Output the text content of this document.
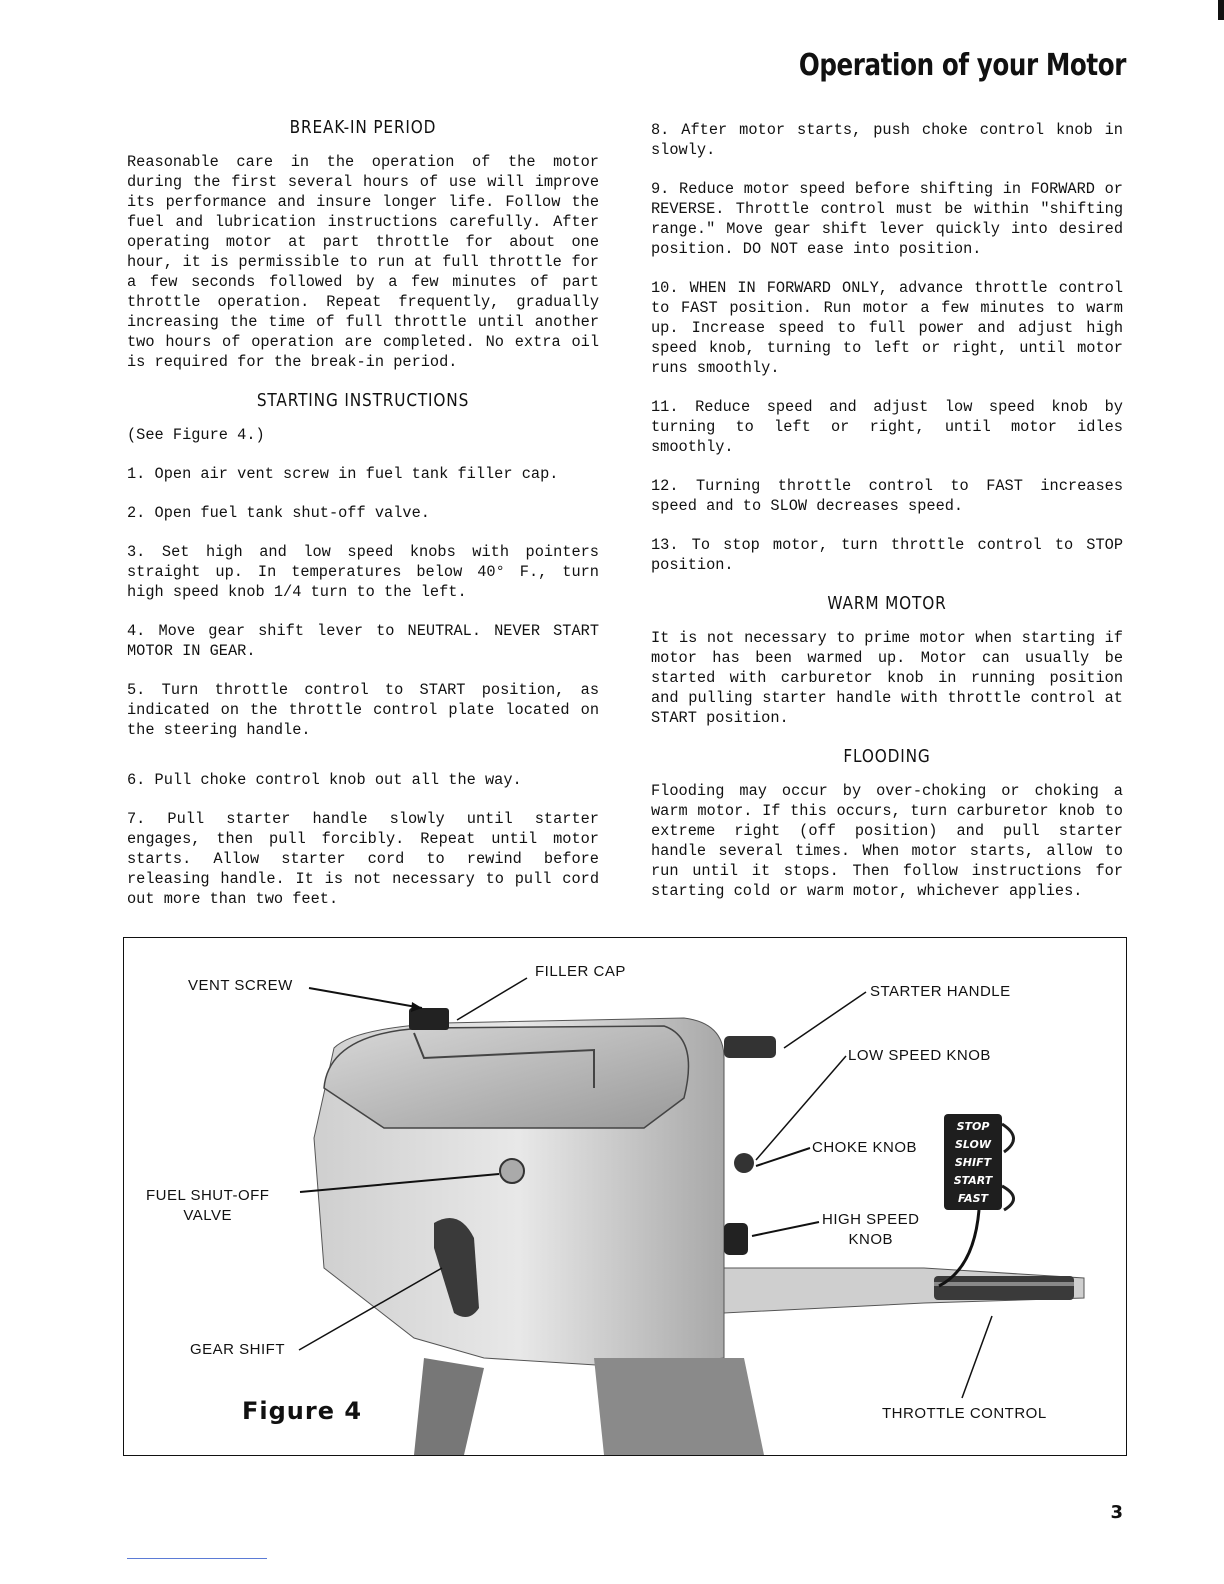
Operation of your Motor
BREAK-IN PERIOD

Reasonable care in the operation of the motor during the first several hours of use will improve its performance and insure longer life. Follow the fuel and lubrication instructions carefully. After operating motor at part throttle for about one hour, it is permissible to run at full throttle for a few seconds followed by a few minutes of part throttle operation. Repeat frequently, gradually increasing the time of full throttle until another two hours of operation are completed. No extra oil is required for the break-in period.

STARTING INSTRUCTIONS

(See Figure 4.)

1. Open air vent screw in fuel tank filler cap.

2. Open fuel tank shut-off valve.

3. Set high and low speed knobs with pointers straight up. In temperatures below 40° F., turn high speed knob 1/4 turn to the left.

4. Move gear shift lever to NEUTRAL. NEVER START MOTOR IN GEAR.

5. Turn throttle control to START position, as indicated on the throttle control plate located on the steering handle.

6. Pull choke control knob out all the way.

7. Pull starter handle slowly until starter engages, then pull forcibly. Repeat until motor starts. Allow starter cord to rewind before releasing handle. It is not necessary to pull cord out more than two feet.

8. After motor starts, push choke control knob in slowly.

9. Reduce motor speed before shifting in FORWARD or REVERSE. Throttle control must be within "shifting range." Move gear shift lever quickly into desired position. DO NOT ease into position.

10. WHEN IN FORWARD ONLY, advance throttle control to FAST position. Run motor a few minutes to warm up. Increase speed to full power and adjust high speed knob, turning to left or right, until motor runs smoothly.

11. Reduce speed and adjust low speed knob by turning to left or right, until motor idles smoothly.

12. Turning throttle control to FAST increases speed and to SLOW decreases speed.

13. To stop motor, turn throttle control to STOP position.

WARM MOTOR

It is not necessary to prime motor when starting if motor has been warmed up. Motor can usually be started with carburetor knob in running position and pulling starter handle with throttle control at START position.

FLOODING

Flooding may occur by over-choking or choking a warm motor. If this occurs, turn carburetor knob to extreme right (off position) and pull starter handle several times. When motor starts, allow to run until it stops. Then follow instructions for starting cold or warm motor, whichever applies.

VENT SCREW
FILLER CAP
STARTER HANDLE
LOW SPEED KNOB
CHOKE KNOB
FUEL SHUT-OFF
VALVE	HIGH SPEED
KNOB
GEAR SHIFT
THROTTLE CONTROL
STOP
SLOW
SHIFT
START
FAST
Figure 4
3
